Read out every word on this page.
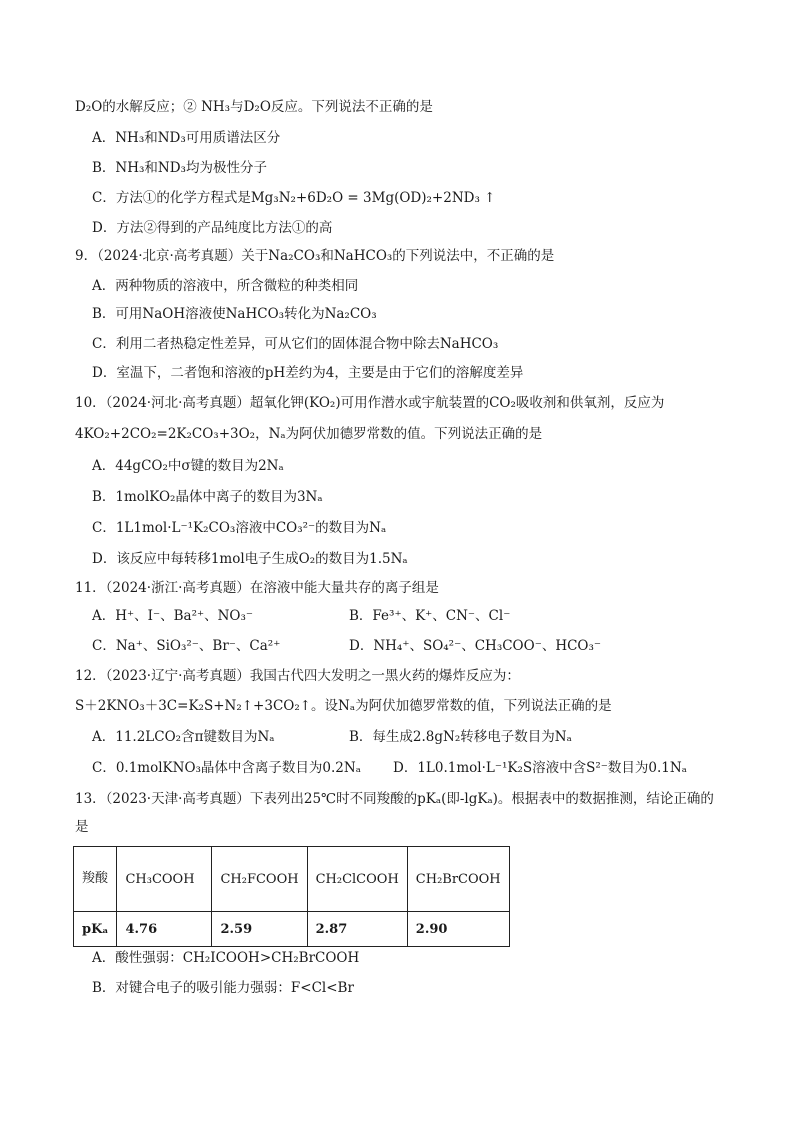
D₂O的水解反应；② NH₃与D₂O反应。下列说法不正确的是
A．NH₃和ND₃可用质谱法区分
B．NH₃和ND₃均为极性分子
C．方法①的化学方程式是Mg₃N₂+6D₂O = 3Mg(OD)₂+2ND₃ ↑
D．方法②得到的产品纯度比方法①的高
9．（2024·北京·高考真题）关于Na₂CO₃和NaHCO₃的下列说法中，不正确的是
A．两种物质的溶液中，所含微粒的种类相同
B．可用NaOH溶液使NaHCO₃转化为Na₂CO₃
C．利用二者热稳定性差异，可从它们的固体混合物中除去NaHCO₃
D．室温下，二者饱和溶液的pH差约为4，主要是由于它们的溶解度差异
10．（2024·河北·高考真题）超氧化钾(KO₂)可用作潜水或宇航装置的CO₂吸收剂和供氧剂，反应为
4KO₂+2CO₂=2K₂CO₃+3O₂，Nₐ为阿伏加德罗常数的值。下列说法正确的是
A．44gCO₂中σ键的数目为2Nₐ
B．1molKO₂晶体中离子的数目为3Nₐ
C．1L1mol·L⁻¹K₂CO₃溶液中CO₃²⁻的数目为Nₐ
D．该反应中每转移1mol电子生成O₂的数目为1.5Nₐ
11．（2024·浙江·高考真题）在溶液中能大量共存的离子组是
A．H⁺、I⁻、Ba²⁺、NO₃⁻	B．Fe³⁺、K⁺、CN⁻、Cl⁻
C．Na⁺、SiO₃²⁻、Br⁻、Ca²⁺	D．NH₄⁺、SO₄²⁻、CH₃COO⁻、HCO₃⁻
12．（2023·辽宁·高考真题）我国古代四大发明之一黑火药的爆炸反应为：
S＋2KNO₃＋3C=K₂S+N₂↑+3CO₂↑。设Nₐ为阿伏加德罗常数的值，下列说法正确的是
A．11.2LCO₂含π键数目为Nₐ	B．每生成2.8gN₂转移电子数目为Nₐ
C．0.1molKNO₃晶体中含离子数目为0.2Nₐ D．1L0.1mol·L⁻¹K₂S溶液中含S²⁻数目为0.1Nₐ
13．（2023·天津·高考真题）下表列出25℃时不同羧酸的pKₐ(即-lgKₐ)。根据表中的数据推测，结论正确的
是
羧酸	CH₃COOH	CH₂FCOOH	CH₂ClCOOH	CH₂BrCOOH
pKₐ	4.76	2.59	2.87	2.90
A．酸性强弱：CH₂ICOOH>CH₂BrCOOH
B．对键合电子的吸引能力强弱：F<Cl<Br
